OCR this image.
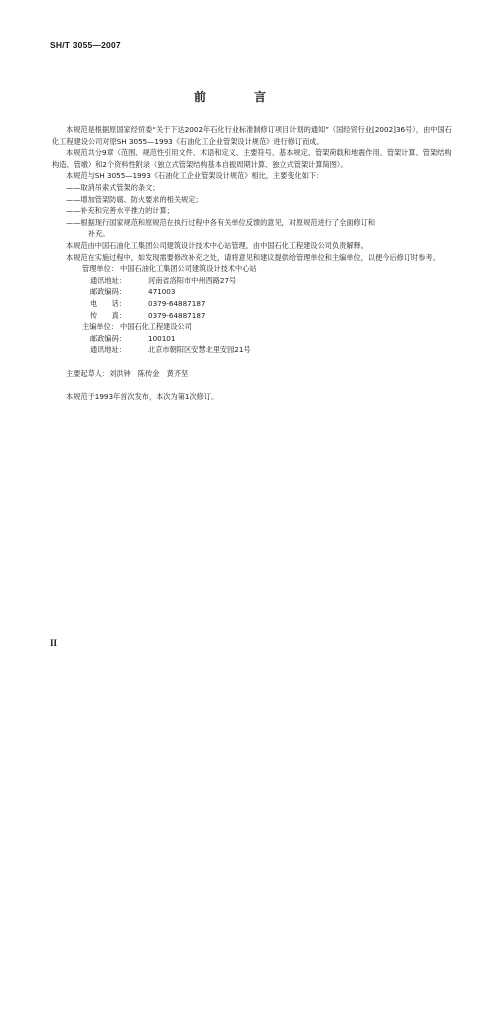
SH/T 3055—2007
前　言

本规范是根据原国家经贸委“关于下达2002年石化行业标准制修订项目计划的通知”（国经贸行业[2002]36号），由中国石化工程建设公司对原SH 3055—1993《石油化工企业管架设计规范》进行修订而成。

本规范共分9章（范围、规范性引用文件、术语和定义、主要符号、基本规定、管架荷载和地震作用、管架计算、管架结构构造、管墩）和2个资料性附录（独立式管架结构基本自振周期计算、独立式管架计算简图）。

本规范与SH 3055—1993《石油化工企业管架设计规范》相比，主要变化如下：

——取消吊索式管架的条文；

——增加管架防腐、防火要求的相关规定；

——补充和完善水平推力的计算；

——根据现行国家规范和原规范在执行过程中各有关单位反馈的意见，对原规范进行了全面修订和

补充。

本规范由中国石油化工集团公司建筑设计技术中心站管理，由中国石化工程建设公司负责解释。

本规范在实施过程中，如发现需要修改补充之处，请将意见和建议提供给管理单位和主编单位，以便今后修订时参考。

管理单位： 中国石油化工集团公司建筑设计技术中心站
通讯地址：	河南省洛阳市中州西路27号
邮政编码：	471003
电　　话：	0379-64887187
传　　真：	0379-64887187
主编单位： 中国石化工程建设公司
邮政编码：	100101
通讯地址：	北京市朝阳区安慧北里安园21号

主要起草人：刘洪钟　陈传金　黄齐坚

本规范于1993年首次发布，本次为第1次修订。

II
